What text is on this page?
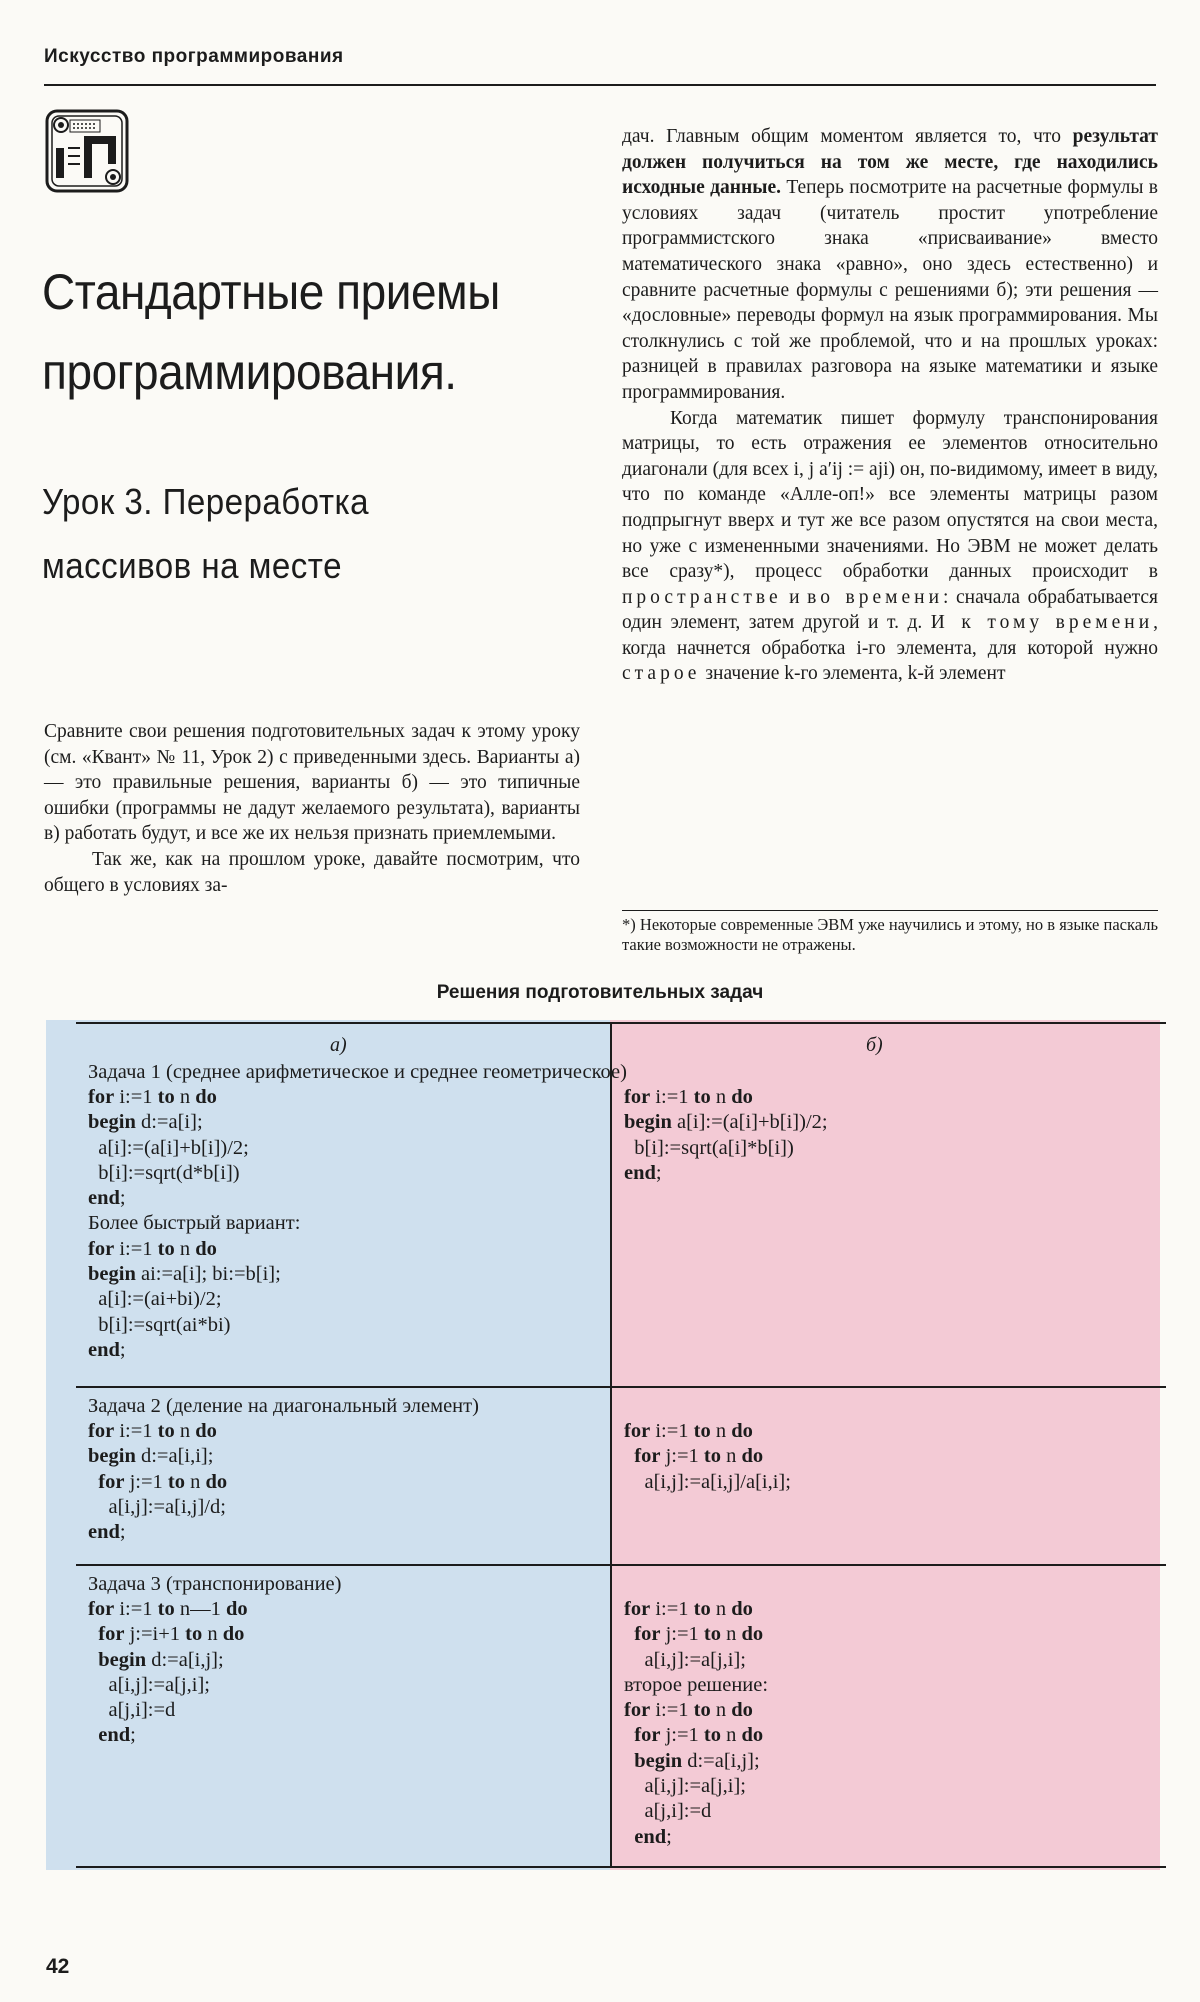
Искусство программирования
Стандартные приемы программирования.
Урок 3. Переработка
массивов на месте

Сравните свои решения подготовительных задач к этому уроку (см. «Квант» № 11, Урок 2) с приведенными здесь. Варианты а) — это правильные решения, варианты б) — это типичные ошибки (программы не дадут желаемого результата), варианты в) работать будут, и все же их нельзя признать приемлемыми.

Так же, как на прошлом уроке, давайте посмотрим, что общего в условиях за-

дач. Главным общим моментом является то, что результат должен получиться на том же месте, где находились исходные данные. Теперь посмотрите на расчетные формулы в условиях задач (читатель простит употребление программистского знака «присваивание» вместо математического знака «равно», оно здесь естественно) и сравните расчетные формулы с решениями б); эти решения — «дословные» переводы формул на язык программирования. Мы столкнулись с той же проблемой, что и на прошлых уроках: разницей в правилах разговора на языке математики и языке программирования.

Когда математик пишет формулу транспонирования матрицы, то есть отражения ее элементов относительно диагонали (для всех i, j a′ij := aji) он, по-видимому, имеет в виду, что по команде «Алле-оп!» все элементы матрицы разом подпрыгнут вверх и тут же все разом опустятся на свои места, но уже с измененными значениями. Но ЭВМ не может делать все сразу*), процесс обработки данных происходит в пространстве и во времени: сначала обрабатывается один элемент, затем другой и т. д. И к тому времени, когда начнется обработка i-го элемента, для которой нужно старое значение k-го элемента, k-й элемент

*) Некоторые современные ЭВМ уже научились и этому, но в языке паскаль такие возможности не отражены.
Решения подготовительных задач
а)	б)
Задача 1 (среднее арифметическое и среднее геометрическое)
for i:=1 to n do
begin d:=a[i];
a[i]:=(a[i]+b[i])/2;
b[i]:=sqrt(d*b[i])
end;
Более быстрый вариант:
for i:=1 to n do
begin ai:=a[i]; bi:=b[i];
a[i]:=(ai+bi)/2;
b[i]:=sqrt(ai*bi)
end;
for i:=1 to n do
begin a[i]:=(a[i]+b[i])/2;
b[i]:=sqrt(a[i]*b[i])
end;
Задача 2 (деление на диагональный элемент)
for i:=1 to n do
begin d:=a[i,i];
for j:=1 to n do
a[i,j]:=a[i,j]/d;
end;
for i:=1 to n do
for j:=1 to n do
a[i,j]:=a[i,j]/a[i,i];
Задача 3 (транспонирование)
for i:=1 to n—1 do
for j:=i+1 to n do
begin d:=a[i,j];
a[i,j]:=a[j,i];
a[j,i]:=d
end;
for i:=1 to n do
for j:=1 to n do
a[i,j]:=a[j,i];
второе решение:
for i:=1 to n do
for j:=1 to n do
begin d:=a[i,j];
a[i,j]:=a[j,i];
a[j,i]:=d
end;
42
